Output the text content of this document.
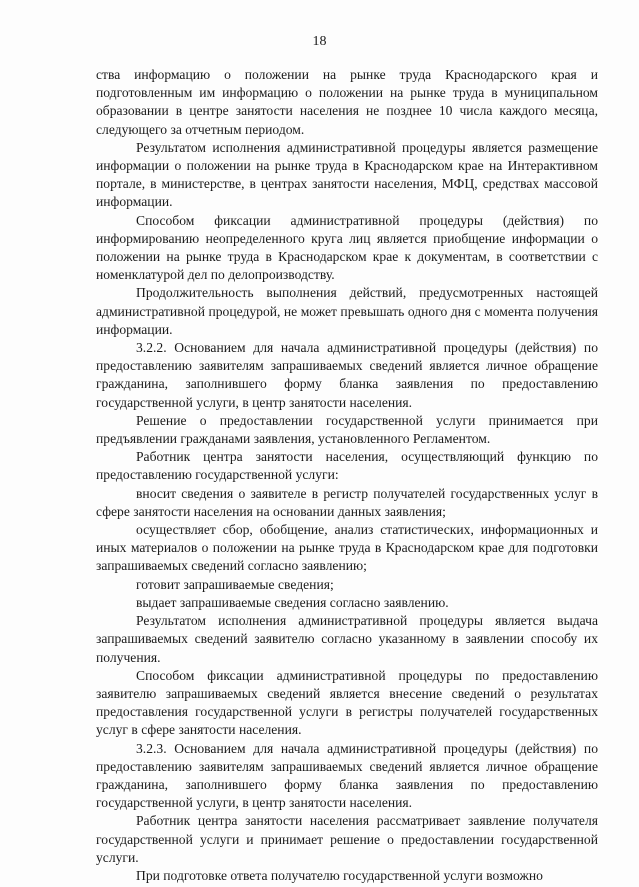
18

ства информацию о положении на рынке труда Краснодарского края и подготовленным им информацию о положении на рынке труда в муниципальном образовании в центре занятости населения не позднее 10 числа каждого месяца, следующего за отчетным периодом.

Результатом исполнения административной процедуры является размещение информации о положении на рынке труда в Краснодарском крае на Интерактивном портале, в министерстве, в центрах занятости населения, МФЦ, средствах массовой информации.

Способом фиксации административной процедуры (действия) по информированию неопределенного круга лиц является приобщение информации о положении на рынке труда в Краснодарском крае к документам, в соответствии с номенклатурой дел по делопроизводству.

Продолжительность выполнения действий, предусмотренных настоящей административной процедурой, не может превышать одного дня с момента получения информации.

3.2.2. Основанием для начала административной процедуры (действия) по предоставлению заявителям запрашиваемых сведений является личное обращение гражданина, заполнившего форму бланка заявления по предоставлению государственной услуги, в центр занятости населения.

Решение о предоставлении государственной услуги принимается при предъявлении гражданами заявления, установленного Регламентом.

Работник центра занятости населения, осуществляющий функцию по предоставлению государственной услуги:

вносит сведения о заявителе в регистр получателей государственных услуг в сфере занятости населения на основании данных заявления;

осуществляет сбор, обобщение, анализ статистических, информационных и иных материалов о положении на рынке труда в Краснодарском крае для подготовки запрашиваемых сведений согласно заявлению;

готовит запрашиваемые сведения;

выдает запрашиваемые сведения согласно заявлению.

Результатом исполнения административной процедуры является выдача запрашиваемых сведений заявителю согласно указанному в заявлении способу их получения.

Способом фиксации административной процедуры по предоставлению заявителю запрашиваемых сведений является внесение сведений о результатах предоставления государственной услуги в регистры получателей государственных услуг в сфере занятости населения.

3.2.3. Основанием для начала административной процедуры (действия) по предоставлению заявителям запрашиваемых сведений является личное обращение гражданина, заполнившего форму бланка заявления по предоставлению государственной услуги, в центр занятости населения.

Работник центра занятости населения рассматривает заявление получателя государственной услуги и принимает решение о предоставлении государственной услуги.

При подготовке ответа получателю государственной услуги возможно
